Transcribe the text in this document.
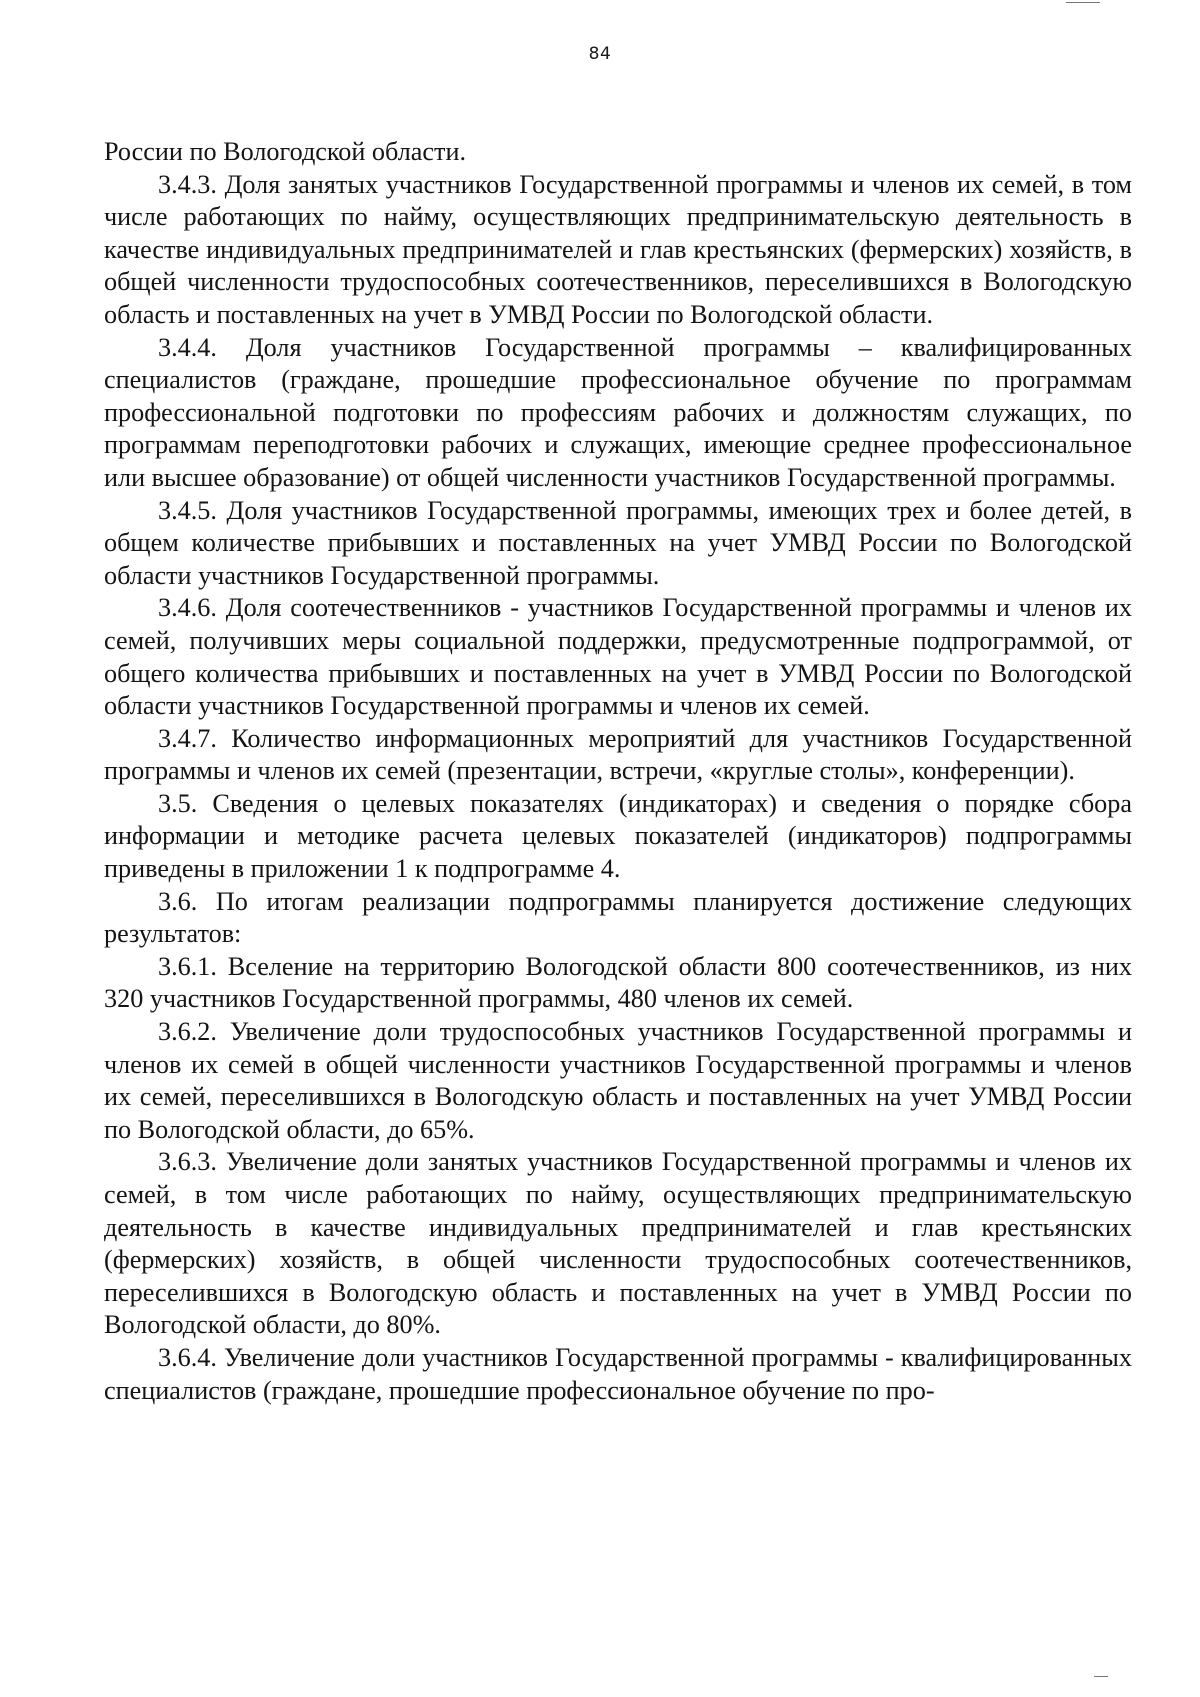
84

России по Вологодской области.

3.4.3. Доля занятых участников Государственной программы и членов их семей, в том числе работающих по найму, осуществляющих предпринимательскую деятельность в качестве индивидуальных предпринимателей и глав крестьянских (фермерских) хозяйств, в общей численности трудоспособных соотечественников, переселившихся в Вологодскую область и поставленных на учет в УМВД России по Вологодской области.

3.4.4. Доля участников Государственной программы – квалифицированных специалистов (граждане, прошедшие профессиональное обучение по программам профессиональной подготовки по профессиям рабочих и должностям служащих, по программам переподготовки рабочих и служащих, имеющие среднее профессиональное или высшее образование) от общей численности участников Государственной программы.

3.4.5. Доля участников Государственной программы, имеющих трех и более детей, в общем количестве прибывших и поставленных на учет УМВД России по Вологодской области участников Государственной программы.

3.4.6. Доля соотечественников - участников Государственной программы и членов их семей, получивших меры социальной поддержки, предусмотренные подпрограммой, от общего количества прибывших и поставленных на учет в УМВД России по Вологодской области участников Государственной программы и членов их семей.

3.4.7. Количество информационных мероприятий для участников Государственной программы и членов их семей (презентации, встречи, «круглые столы», конференции).

3.5. Сведения о целевых показателях (индикаторах) и сведения о порядке сбора информации и методике расчета целевых показателей (индикаторов) подпрограммы приведены в приложении 1 к подпрограмме 4.

3.6. По итогам реализации подпрограммы планируется достижение следующих результатов:

3.6.1. Вселение на территорию Вологодской области 800 соотечественников, из них 320 участников Государственной программы, 480 членов их семей.

3.6.2. Увеличение доли трудоспособных участников Государственной программы и членов их семей в общей численности участников Государственной программы и членов их семей, переселившихся в Вологодскую область и поставленных на учет УМВД России по Вологодской области, до 65%.

3.6.3. Увеличение доли занятых участников Государственной программы и членов их семей, в том числе работающих по найму, осуществляющих предпринимательскую деятельность в качестве индивидуальных предпринимателей и глав крестьянских (фермерских) хозяйств, в общей численности трудоспособных соотечественников, переселившихся в Вологодскую область и поставленных на учет в УМВД России по Вологодской области, до 80%.

3.6.4. Увеличение доли участников Государственной программы - квалифицированных специалистов (граждане, прошедшие профессиональное обучение по про-
